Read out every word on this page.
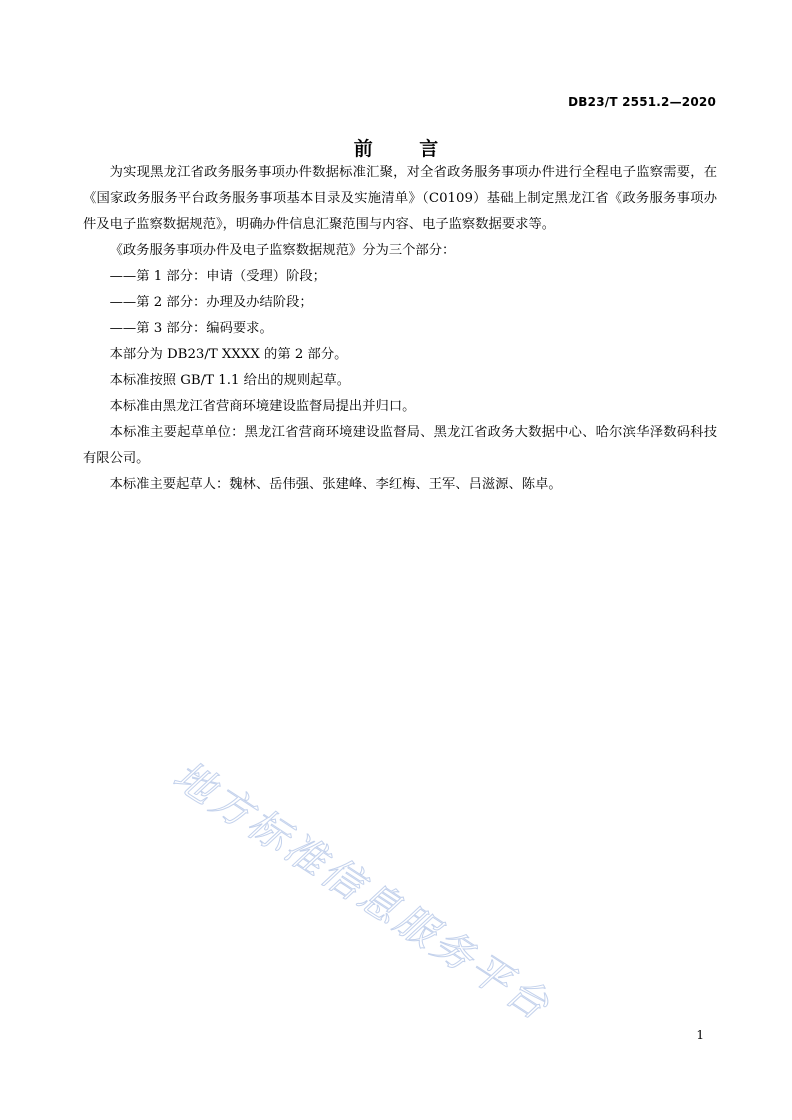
DB23/T 2551.2—2020
前 言

为实现黑龙江省政务服务事项办件数据标准汇聚，对全省政务服务事项办件进行全程电子监察需要，在《国家政务服务平台政务服务事项基本目录及实施清单》（C0109）基础上制定黑龙江省《政务服务事项办件及电子监察数据规范》，明确办件信息汇聚范围与内容、电子监察数据要求等。

《政务服务事项办件及电子监察数据规范》分为三个部分：

——第 1 部分：申请（受理）阶段；

——第 2 部分：办理及办结阶段；

——第 3 部分：编码要求。

本部分为 DB23/T XXXX 的第 2 部分。

本标准按照 GB/T 1.1 给出的规则起草。

本标准由黑龙江省营商环境建设监督局提出并归口。

本标准主要起草单位：黑龙江省营商环境建设监督局、黑龙江省政务大数据中心、哈尔滨华泽数码科技有限公司。

本标准主要起草人：魏林、岳伟强、张建峰、李红梅、王军、吕滋源、陈卓。

地方标准信息服务平台
1
